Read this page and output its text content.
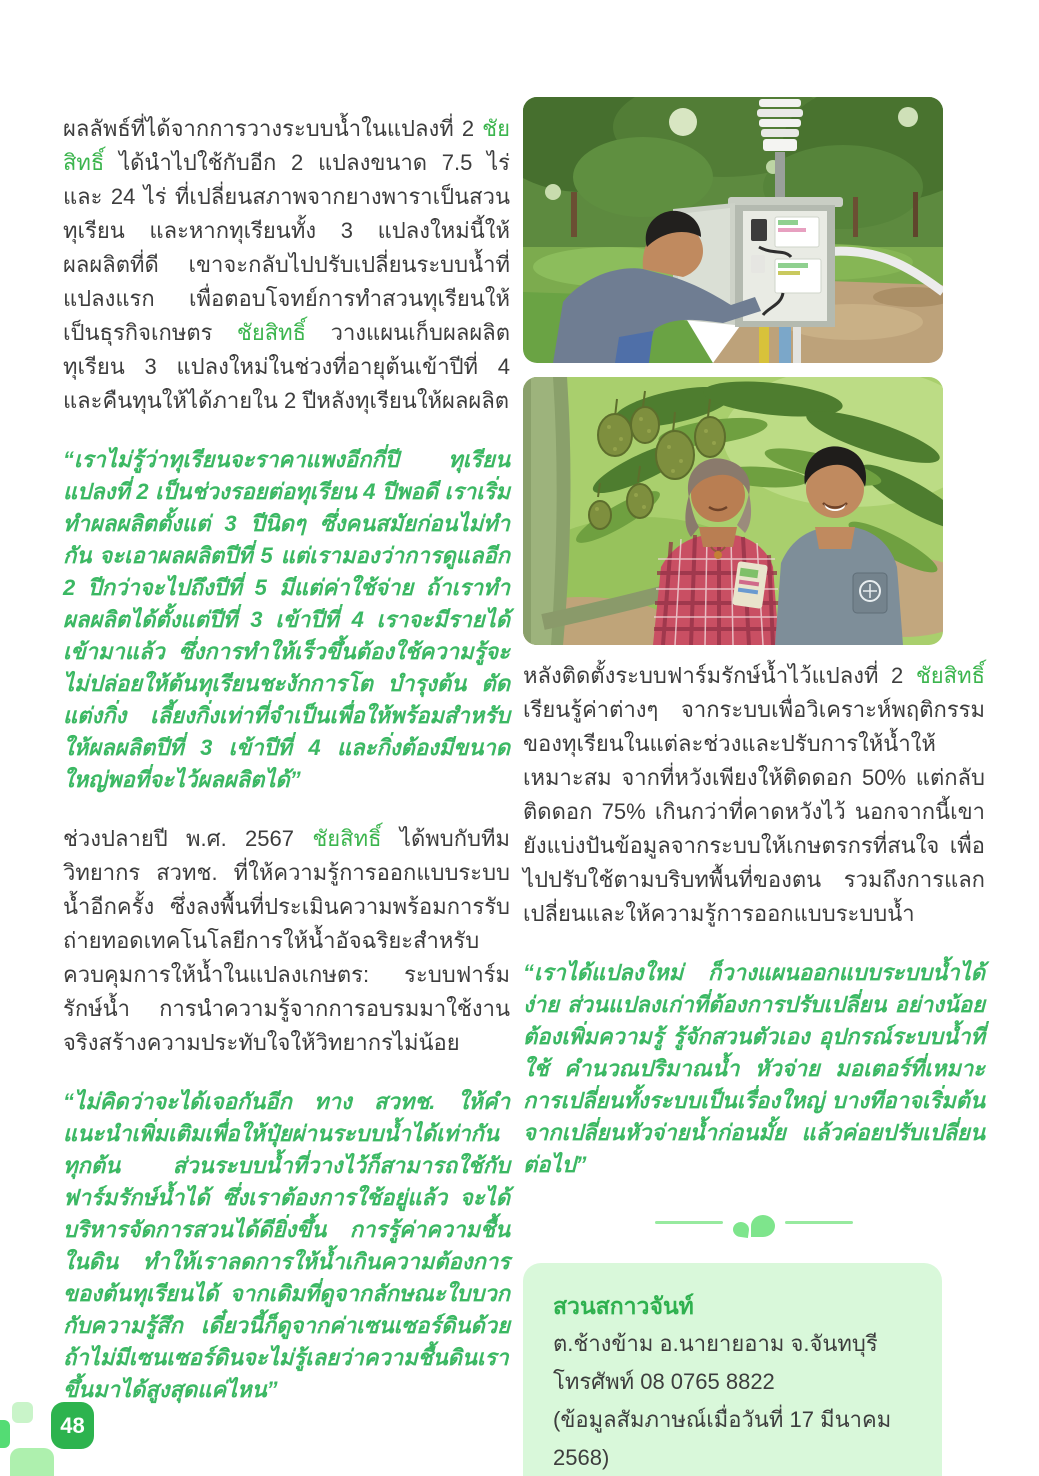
ผลลัพธ์ที่ได้จากการวางระบบน้ำในแปลงที่ 2 ชัยสิทธิ์ ได้นำไปใช้กับอีก 2 แปลงขนาด 7.5 ไร่ และ 24 ไร่ ที่เปลี่ยนสภาพจากยางพาราเป็นสวนทุเรียน และหากทุเรียนทั้ง 3 แปลงใหม่นี้ให้ผลผลิตที่ดี เขาจะกลับไปปรับเปลี่ยนระบบน้ำที่แปลงแรก เพื่อตอบโจทย์การทำสวนทุเรียนให้เป็นธุรกิจเกษตร ชัยสิทธิ์ วางแผนเก็บผลผลิตทุเรียน 3 แปลงใหม่ในช่วงที่อายุต้นเข้าปีที่ 4 และคืนทุนให้ได้ภายใน 2 ปีหลังทุเรียนให้ผลผลิต

“เราไม่รู้ว่าทุเรียนจะราคาแพงอีกกี่ปี ทุเรียนแปลงที่ 2 เป็นช่วงรอยต่อทุเรียน 4 ปีพอดี เราเริ่มทำผลผลิตตั้งแต่ 3 ปีนิดๆ ซึ่งคนสมัยก่อนไม่ทำกัน จะเอาผลผลิตปีที่ 5 แต่เรามองว่าการดูแลอีก 2 ปีกว่าจะไปถึงปีที่ 5 มีแต่ค่าใช้จ่าย ถ้าเราทำผลผลิตได้ตั้งแต่ปีที่ 3 เข้าปีที่ 4 เราจะมีรายได้เข้ามาแล้ว ซึ่งการทำให้เร็วขึ้นต้องใช้ความรู้จะไม่ปล่อยให้ต้นทุเรียนชะงักการโต บำรุงต้น ตัดแต่งกิ่ง เลี้ยงกิ่งเท่าที่จำเป็นเพื่อให้พร้อมสำหรับให้ผลผลิตปีที่ 3 เข้าปีที่ 4 และกิ่งต้องมีขนาดใหญ่พอที่จะไว้ผลผลิตได้”

ช่วงปลายปี พ.ศ. 2567 ชัยสิทธิ์ ได้พบกับทีมวิทยากร สวทช. ที่ให้ความรู้การออกแบบระบบน้ำอีกครั้ง ซึ่งลงพื้นที่ประเมินความพร้อมการรับถ่ายทอดเทคโนโลยีการให้น้ำอัจฉริยะสำหรับควบคุมการให้น้ำในแปลงเกษตร: ระบบฟาร์มรักษ์น้ำ การนำความรู้จากการอบรมมาใช้งานจริงสร้างความประทับใจให้วิทยากรไม่น้อย

“ไม่คิดว่าจะได้เจอกันอีก ทาง สวทช. ให้คำแนะนำเพิ่มเติมเพื่อให้ปุ๋ยผ่านระบบน้ำได้เท่ากันทุกต้น ส่วนระบบน้ำที่วางไว้ก็สามารถใช้กับฟาร์มรักษ์น้ำได้ ซึ่งเราต้องการใช้อยู่แล้ว จะได้บริหารจัดการสวนได้ดียิ่งขึ้น การรู้ค่าความชื้นในดิน ทำให้เราลดการให้น้ำเกินความต้องการของต้นทุเรียนได้ จากเดิมที่ดูจากลักษณะใบบวกกับความรู้สึก เดี๋ยวนี้ก็ดูจากค่าเซนเซอร์ดินด้วย ถ้าไม่มีเซนเซอร์ดินจะไม่รู้เลยว่าความชื้นดินเราขึ้นมาได้สูงสุดแค่ไหน”

หลังติดตั้งระบบฟาร์มรักษ์น้ำไว้แปลงที่ 2 ชัยสิทธิ์ เรียนรู้ค่าต่างๆ จากระบบเพื่อวิเคราะห์พฤติกรรมของทุเรียนในแต่ละช่วงและปรับการให้น้ำให้เหมาะสม จากที่หวังเพียงให้ติดดอก 50% แต่กลับติดดอก 75% เกินกว่าที่คาดหวังไว้ นอกจากนี้เขายังแบ่งปันข้อมูลจากระบบให้เกษตรกรที่สนใจ เพื่อไปปรับใช้ตามบริบทพื้นที่ของตน รวมถึงการแลกเปลี่ยนและให้ความรู้การออกแบบระบบน้ำ

“เราได้แปลงใหม่ ก็วางแผนออกแบบระบบน้ำได้ง่าย ส่วนแปลงเก่าที่ต้องการปรับเปลี่ยน อย่างน้อยต้องเพิ่มความรู้ รู้จักสวนตัวเอง อุปกรณ์ระบบน้ำที่ใช้ คำนวณปริมาณน้ำ หัวจ่าย มอเตอร์ที่เหมาะ การเปลี่ยนทั้งระบบเป็นเรื่องใหญ่ บางทีอาจเริ่มต้นจากเปลี่ยนหัวจ่ายน้ำก่อนมั้ย แล้วค่อยปรับเปลี่ยนต่อไป”

สวนสกาวจันท์

ต.ช้างข้าม อ.นายายอาม จ.จันทบุรี

โทรศัพท์ 08 0765 8822

(ข้อมูลสัมภาษณ์เมื่อวันที่ 17 มีนาคม 2568)

48
